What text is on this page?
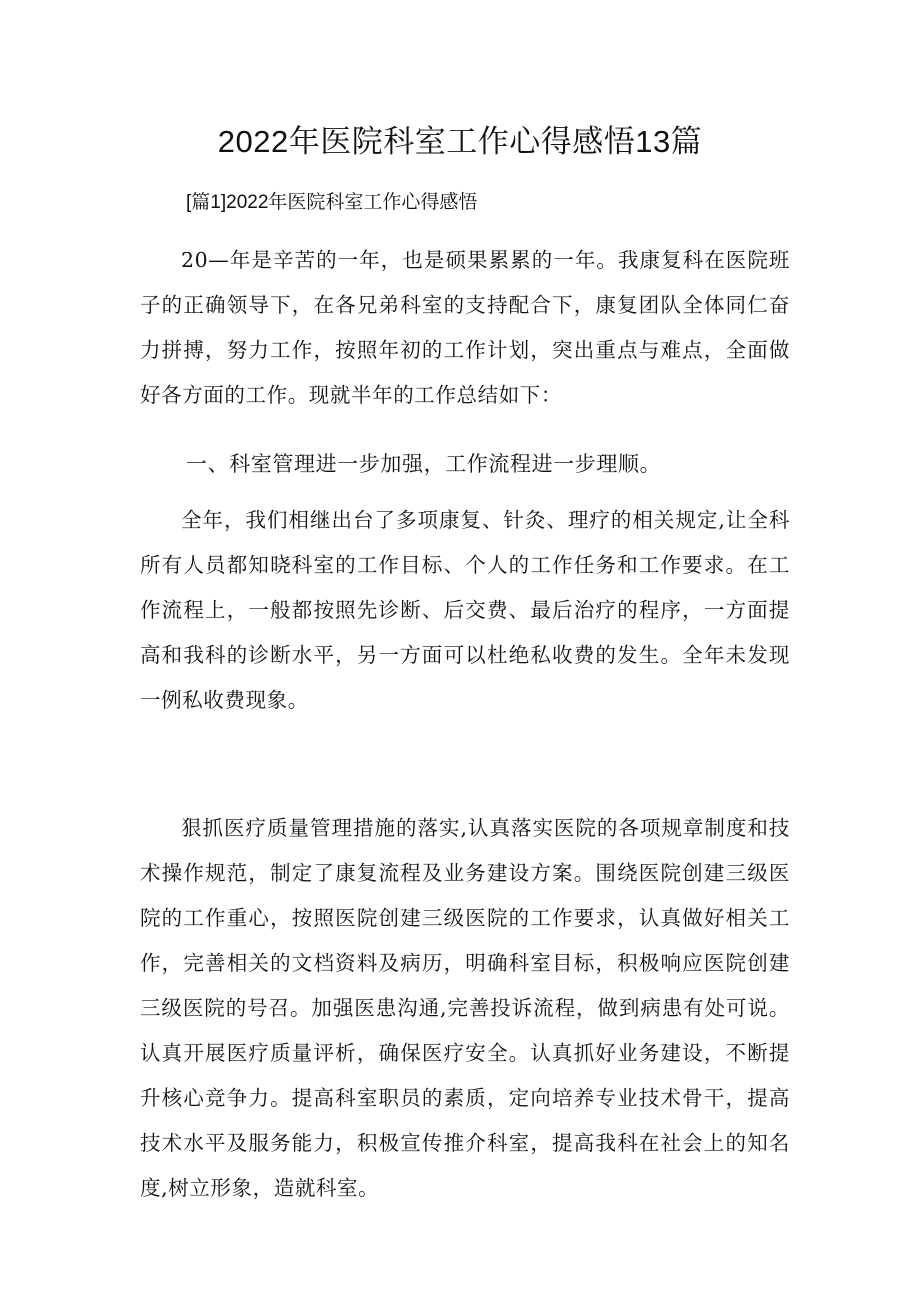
2022年医院科室工作心得感悟13篇

[篇1]2022年医院科室工作心得感悟

20—年是辛苦的一年，也是硕果累累的一年。我康复科在医院班子的正确领导下，在各兄弟科室的支持配合下，康复团队全体同仁奋力拼搏，努力工作，按照年初的工作计划，突出重点与难点，全面做好各方面的工作。现就半年的工作总结如下：

一、科室管理进一步加强，工作流程进一步理顺。

全年，我们相继出台了多项康复、针灸、理疗的相关规定,让全科所有人员都知晓科室的工作目标、个人的工作任务和工作要求。在工作流程上，一般都按照先诊断、后交费、最后治疗的程序，一方面提高和我科的诊断水平，另一方面可以杜绝私收费的发生。全年未发现一例私收费现象。

狠抓医疗质量管理措施的落实,认真落实医院的各项规章制度和技术操作规范，制定了康复流程及业务建设方案。围绕医院创建三级医院的工作重心，按照医院创建三级医院的工作要求，认真做好相关工作，完善相关的文档资料及病历，明确科室目标，积极响应医院创建三级医院的号召。加强医患沟通,完善投诉流程，做到病患有处可说。认真开展医疗质量评析，确保医疗安全。认真抓好业务建设，不断提升核心竞争力。提高科室职员的素质，定向培养专业技术骨干，提高技术水平及服务能力，积极宣传推介科室，提高我科在社会上的知名度,树立形象，造就科室。
